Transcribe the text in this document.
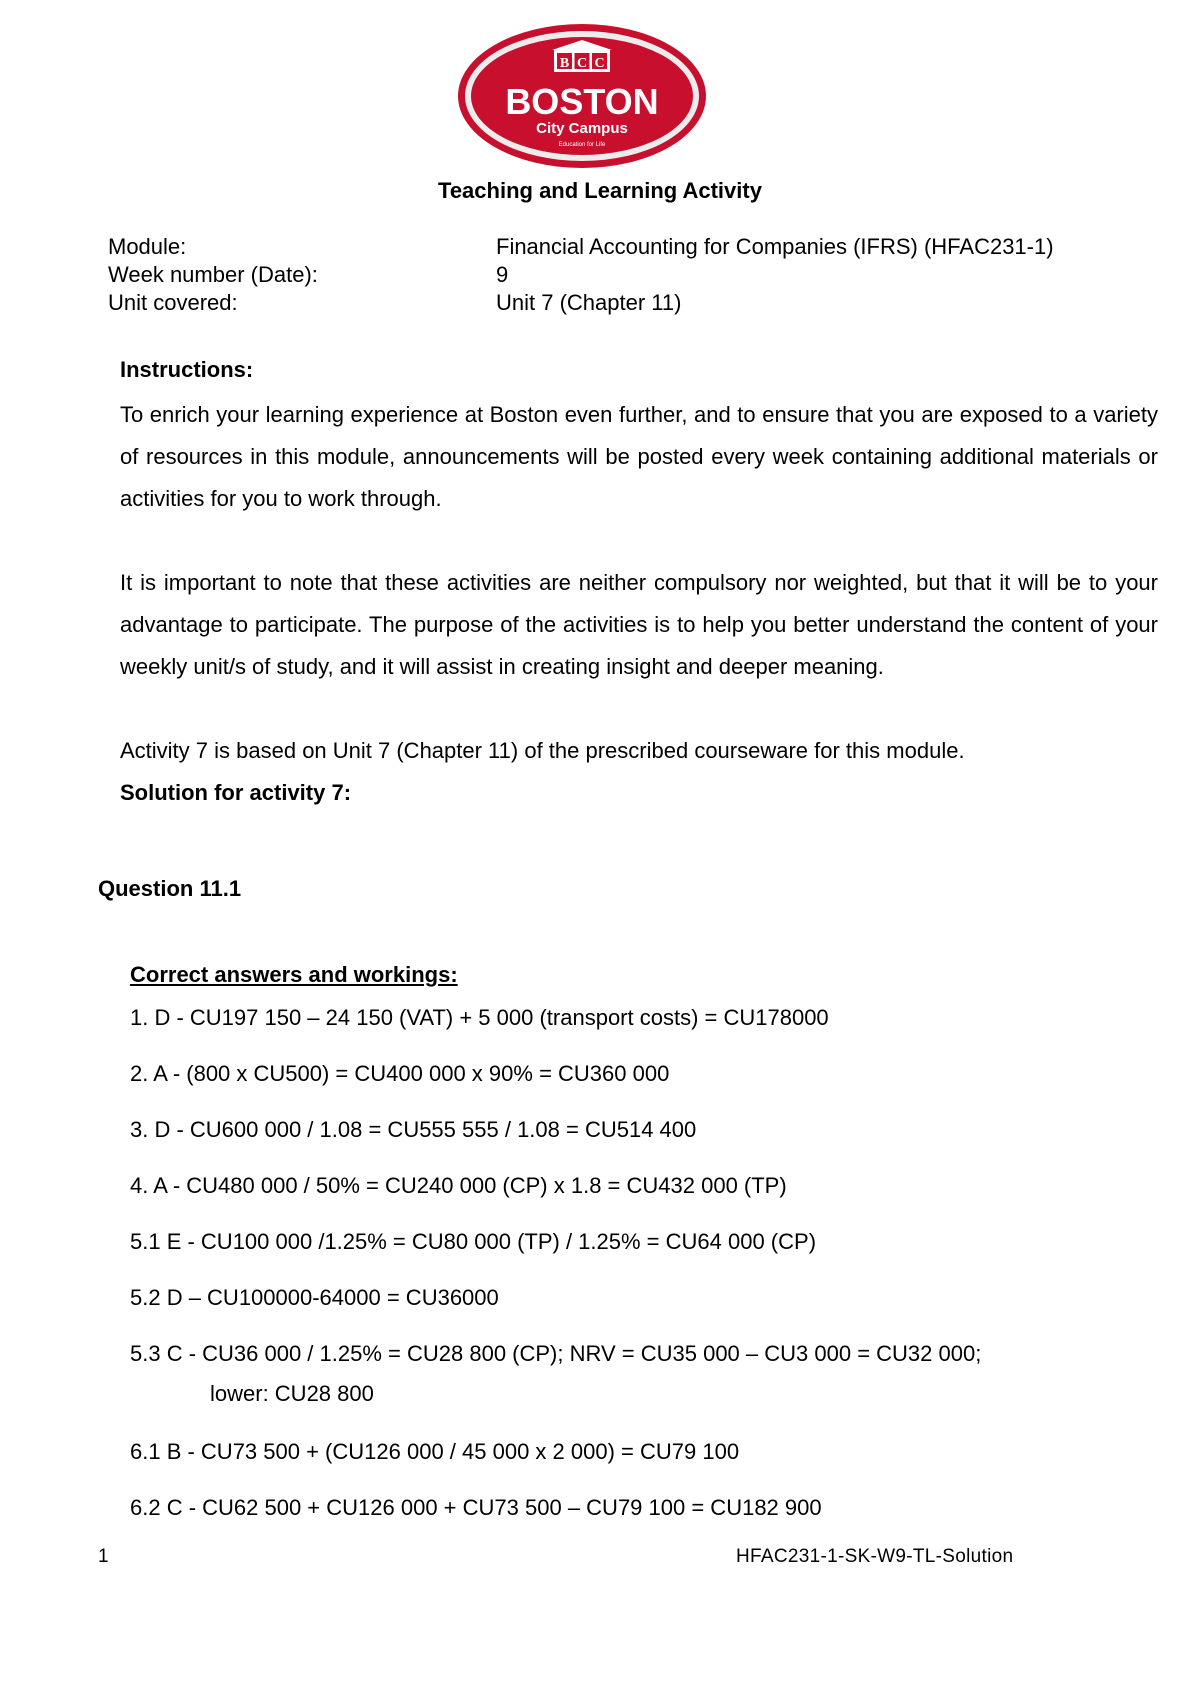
B C C
BOSTON
City Campus
Education for Life
Teaching and Learning Activity
Module:	Financial Accounting for Companies (IFRS) (HFAC231-1)
Week number (Date):	9
Unit covered:	Unit 7 (Chapter 11)
Instructions:

To enrich your learning experience at Boston even further, and to ensure that you are exposed to a variety of resources in this module, announcements will be posted every week containing additional materials or activities for you to work through.

It is important to note that these activities are neither compulsory nor weighted, but that it will be to your advantage to participate. The purpose of the activities is to help you better understand the content of your weekly unit/s of study, and it will assist in creating insight and deeper meaning.

Activity 7 is based on Unit 7 (Chapter 11) of the prescribed courseware for this module.

Solution for activity 7:

Question 11.1
Correct answers and workings:
1. D - CU197 150 – 24 150 (VAT) + 5 000 (transport costs) = CU178000
2. A - (800 x CU500) = CU400 000 x 90% = CU360 000
3. D - CU600 000 / 1.08 = CU555 555 / 1.08 = CU514 400
4. A - CU480 000 / 50% = CU240 000 (CP) x 1.8 = CU432 000 (TP)
5.1 E - CU100 000 /1.25% = CU80 000 (TP) / 1.25% = CU64 000 (CP)
5.2 D – CU100000-64000 = CU36000
5.3 C - CU36 000 / 1.25% = CU28 800 (CP); NRV = CU35 000 – CU3 000 = CU32 000;
lower: CU28 800
6.1 B - CU73 500 + (CU126 000 / 45 000 x 2 000) = CU79 100
6.2 C - CU62 500 + CU126 000 + CU73 500 – CU79 100 = CU182 900
1	HFAC231-1-SK-W9-TL-Solution
